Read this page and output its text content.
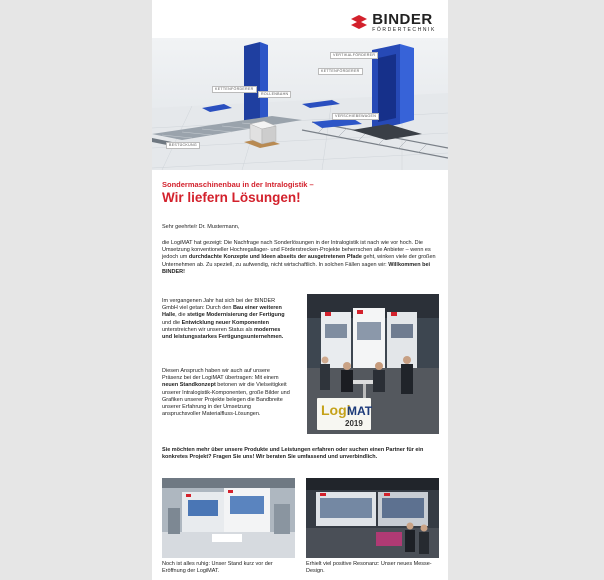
BINDER
FÖRDERTECHNIK
VERTIKALFÖRDERER
KETTENFÖRDERER
ROLLENBAHN
KETTENFÖRDERER
VERSCHIEBEWAGEN
BESTÜCKUNG
Sondermaschinenbau in der Intralogistik –
Wir liefern Lösungen!
Sehr geehrte/r Dr. Mustermann,
die LogiMAT hat gezeigt: Die Nachfrage nach Sonderlösungen in der Intralogistik ist nach wie vor hoch. Die Umsetzung konventioneller Hochregallager- und Förderstrecken-Projekte beherrschen alle Anbieter – wenn es jedoch um durchdachte Konzepte und Ideen abseits der ausgetretenen Pfade geht, winken viele der großen Unternehmen ab. Zu speziell, zu aufwendig, nicht wirtschaftlich. In solchen Fällen sagen wir: Willkommen bei BINDER!
Im vergangenen Jahr hat sich bei der BINDER GmbH viel getan: Durch den Bau einer weiteren Halle, die stetige Modernisierung der Fertigung und die Entwicklung neuer Komponenten unterstreichen wir unseren Status als modernes und leistungsstarkes Fertigungsunternehmen.
Diesen Anspruch haben wir auch auf unsere Präsenz bei der LogiMAT übertragen: Mit einem neuen Standkonzept betonen wir die Vielseitigkeit unserer Intralogistik-Komponenten, große Bilder und Grafiken unserer Projekte belegen die Bandbreite unserer Erfahrung in der Umsetzung anspruchsvoller Materialfluss-Lösungen.	Logi
MAT
2019
Sie möchten mehr über unsere Produkte und Leistungen erfahren oder suchen einen Partner für ein konkretes Projekt? Fragen Sie uns! Wir beraten Sie umfassend und unverbindlich.
Noch ist alles ruhig: Unser Stand kurz vor der Eröffnung der LogiMAT.
Erhielt viel positive Resonanz: Unser neues Messe-Design.
